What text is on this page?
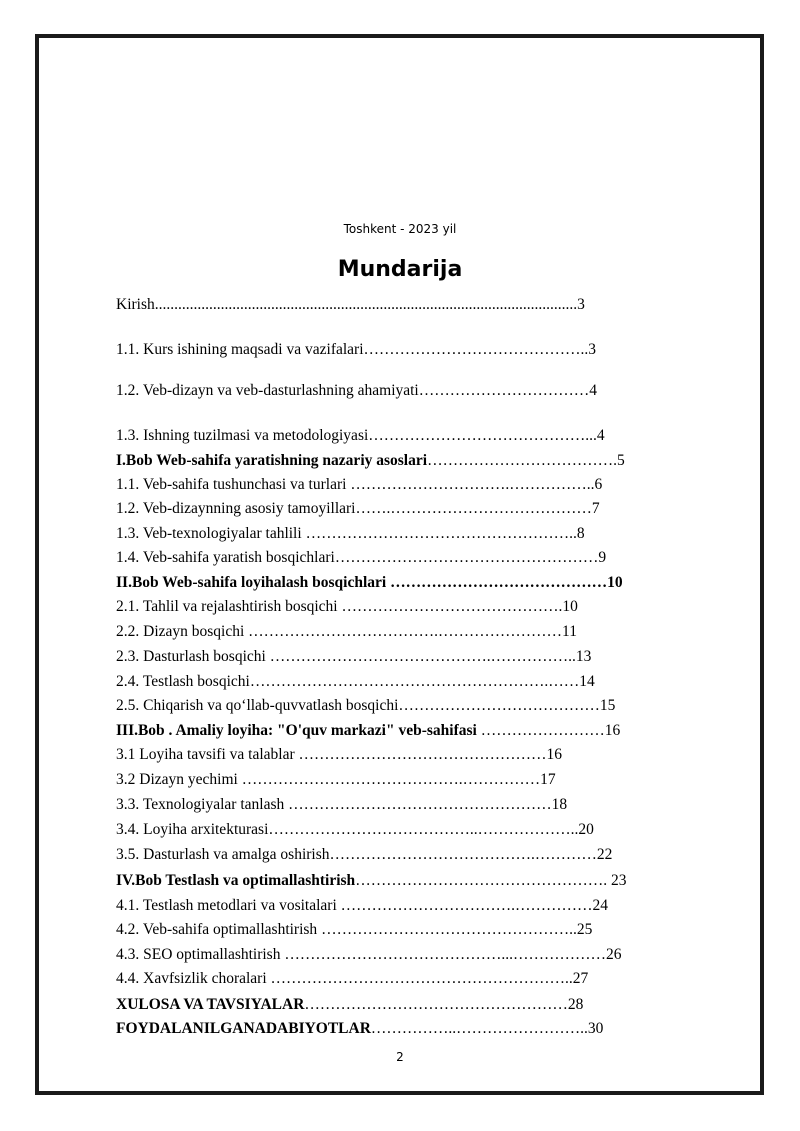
Toshkent - 2023 yil
Mundarija
Kirish.............................................................................................................3
1.1. Kurs ishining maqsadi va vazifalari……………………………………..3
1.2. Veb-dizayn va veb-dasturlashning ahamiyati……………………………4
1.3. Ishning tuzilmasi va metodologiyasi……………………………………...4
I.Bob Web-sahifa yaratishning nazariy asoslari……………………………….5
1.1. Veb-sahifa tushunchasi va turlari ………………………….……………..6
1.2. Veb-dizaynning asosiy tamoyillari…….…………………………………7
1.3. Veb-texnologiyalar tahlili ……………………………………………..8
1.4. Veb-sahifa yaratish bosqichlari……………………………………………9
II.Bob Web-sahifa loyihalash bosqichlari ……………………………………10
2.1. Tahlil va rejalashtirish bosqichi …………………………………….10
2.2. Dizayn bosqichi ……………………………….……………………11
2.3. Dasturlash bosqichi …………………………………….……………..13
2.4. Testlash bosqichi………………………………………………….……14
2.5. Chiqarish va qo‘llab-quvvatlash bosqichi…………………………………15
III.Bob . Amaliy loyiha: "O'quv markazi" veb-sahifasi ……………………16
3.1 Loyiha tavsifi va talablar …………………………………………16
3.2 Dizayn yechimi …………………………………….……………17
3.3. Texnologiyalar tanlash ……………………………………………18
3.4. Loyiha arxitekturasi…………………………………..………………..20
3.5. Dasturlash va amalga oshirish………………………………….…………22
IV.Bob Testlash va optimallashtirish…………………………………………. 23
4.1. Testlash metodlari va vositalari …………………………….……………24
4.2. Veb-sahifa optimallashtirish …………………………………………..25
4.3. SEO optimallashtirish ……………………………………...………………26
4.4. Xavfsizlik choralari …………………………………………………..27
XULOSA VA TAVSIYALAR……………………………………………28
FOYDALANILGANADABIYOTLAR……………..……………………..30
2
